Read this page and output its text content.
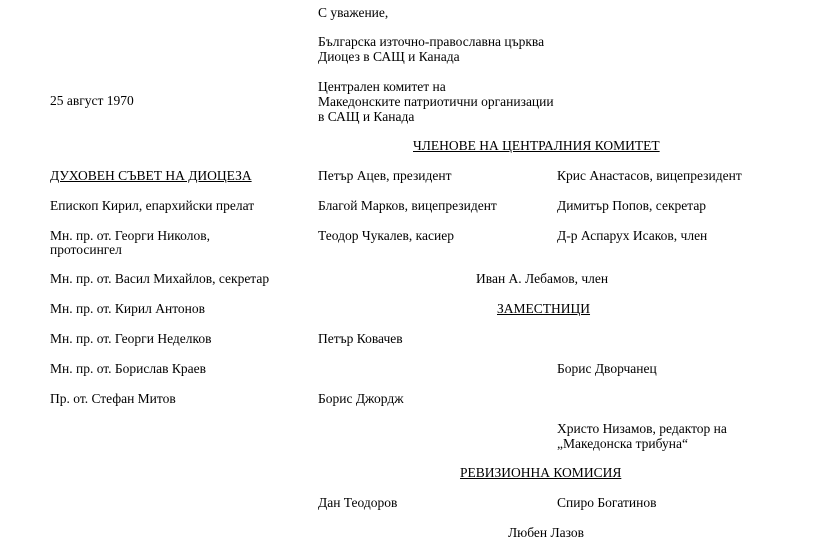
С уважение,
Българска източно-православна църква
Диоцез в САЩ и Канада
25 август 1970
Централен комитет на
Македонските патриотични организации
в САЩ и Канада
ЧЛЕНОВЕ НА ЦЕНТРАЛНИЯ КОМИТЕТ
ДУХОВЕН СЪВЕТ НА ДИОЦЕЗА	Петър Ацев, президент
Благой Марков, вицепрезидент
Теодор Чукалев, касиер
Крис Анастасов, вицепрезидент
Димитър Попов, секретар
Д-р Аспарух Исаков, член
Иван А. Лебамов, член
Епископ Кирил, епархийски прелат
Мн. пр. от. Георги Николов,
протосингел
Мн. пр. от. Васил Михайлов, секретар
Мн. пр. от. Кирил Антонов
Мн. пр. от. Георги Неделков
Мн. пр. от. Борислав Краев
Пр. от. Стефан Митов
ЗАМЕСТНИЦИ
Петър Ковачев
Борис Дворчанец
Борис Джордж
Христо Низамов, редактор на
„Македонска трибуна“
РЕВИЗИОННА КОМИСИЯ
Дан Теодоров	Спиро Богатинов
Любен Лазов
